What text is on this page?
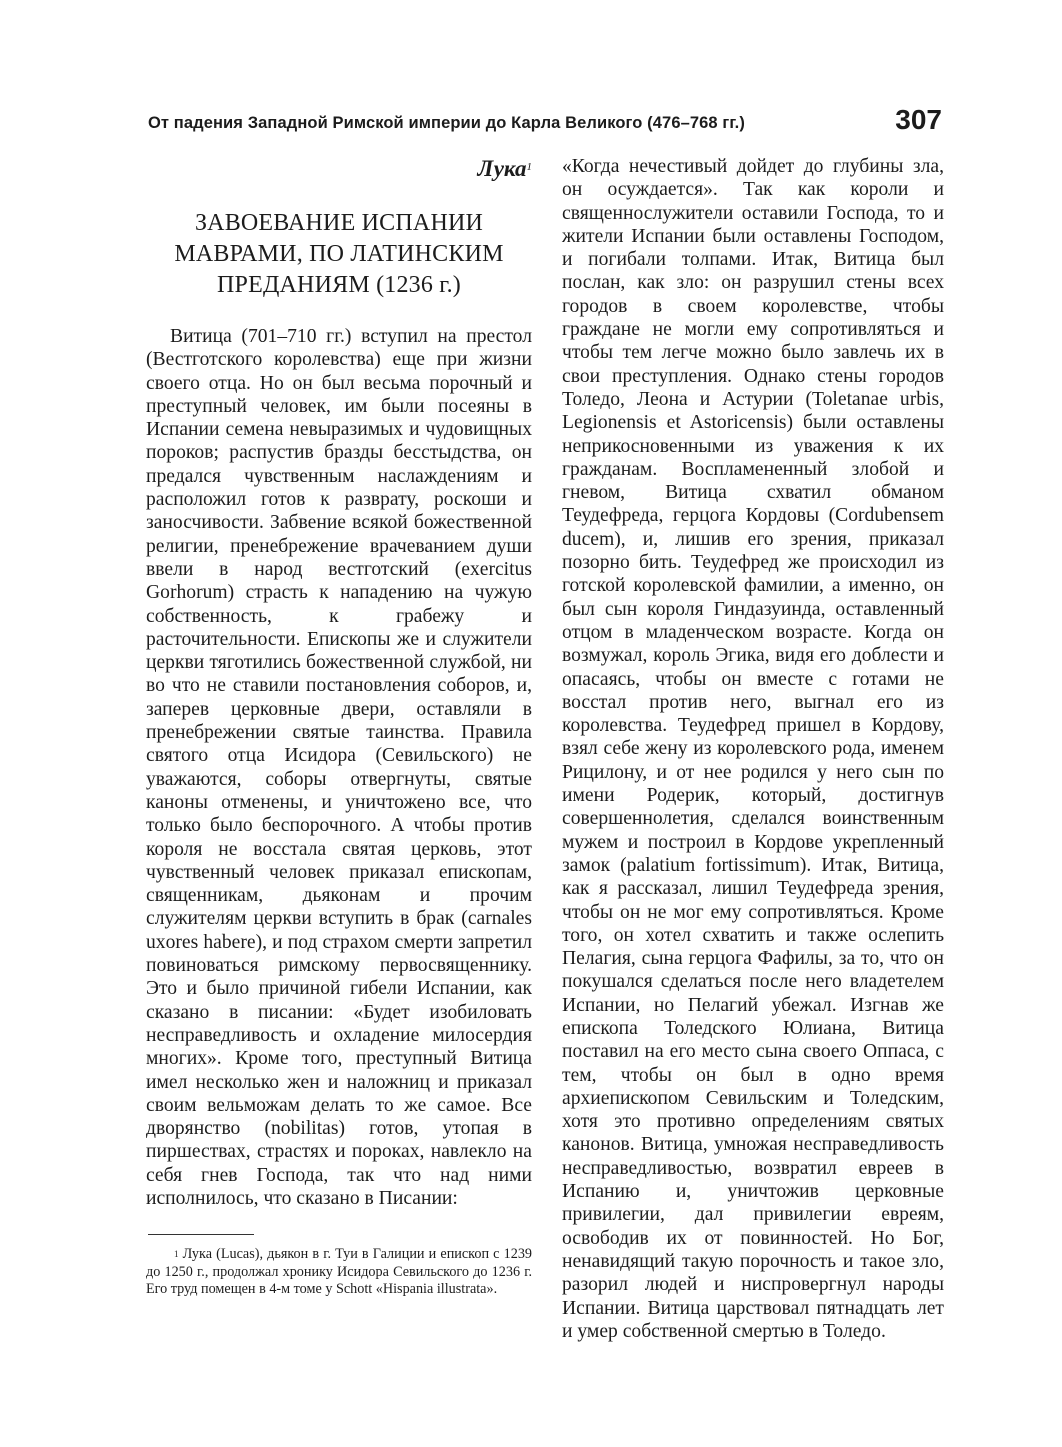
От падения Западной Римской империи до Карла Великого (476–768 гг.)	307
Лука$^1$
ЗАВОЕВАНИЕ ИСПАНИИ МАВРАМИ, ПО ЛАТИНСКИМ ПРЕДАНИЯМ (1236 г.)

Витица (701–710 гг.) вступил на престол (Вестготского королевства) еще при жизни своего отца. Но он был весьма порочный и преступный человек, им были посеяны в Испании семена невыразимых и чудовищных пороков; распустив бразды бесстыдства, он предался чувственным наслаждениям и расположил готов к разврату, роскоши и заносчивости. Забвение всякой божественной религии, пренебрежение врачеванием души ввели в народ вестготский (exercitus Gorhorum) страсть к нападению на чужую собственность, к грабежу и расточительности. Епископы же и служители церкви тяготились божественной службой, ни во что не ставили постановления соборов, и, заперев церковные двери, оставляли в пренебрежении святые таинства. Правила святого отца Исидора (Севильского) не уважаются, соборы отвергнуты, святые каноны отменены, и уничтожено все, что только было беспорочного. А чтобы против короля не восстала святая церковь, этот чувственный человек приказал епископам, священникам, дьяконам и прочим служителям церкви вступить в брак (carnales uxores habere), и под страхом смерти запретил повиноваться римскому первосвященнику. Это и было причиной гибели Испании, как сказано в писании: «Будет изобиловать несправедливость и охладение милосердия многих». Кроме того, преступный Витица имел несколько жен и наложниц и приказал своим вельможам делать то же самое. Все дворянство (nobilitas) готов, утопая в пиршествах, страстях и пороках, навлекло на себя гнев Господа, так что над ними исполнилось, что сказано в Писании:

«Когда нечестивый дойдет до глубины зла, он осуждается». Так как короли и священнослужители оставили Господа, то и жители Испании были оставлены Господом, и погибали толпами. Итак, Витица был послан, как зло: он разрушил стены всех городов в своем королевстве, чтобы граждане не могли ему сопротивляться и чтобы тем легче можно было завлечь их в свои преступления. Однако стены городов Толедо, Леона и Астурии (Toletanae urbis, Legionensis et Astoricensis) были оставлены неприкосновенными из уважения к их гражданам. Воспламененный злобой и гневом, Витица схватил обманом Теудефреда, герцога Кордовы (Cordubensem ducem), и, лишив его зрения, приказал позорно бить. Теудефред же происходил из готской королевской фамилии, а именно, он был сын короля Гиндазуинда, оставленный отцом в младенческом возрасте. Когда он возмужал, король Эгика, видя его доблести и опасаясь, чтобы он вместе с готами не восстал против него, выгнал его из королевства. Теудефред пришел в Кордову, взял себе жену из королевского рода, именем Рицилону, и от нее родился у него сын по имени Родерик, который, достигнув совершеннолетия, сделался воинственным мужем и построил в Кордове укрепленный замок (palatium fortissimum). Итак, Витица, как я рассказал, лишил Теудефреда зрения, чтобы он не мог ему сопротивляться. Кроме того, он хотел схватить и также ослепить Пелагия, сына герцога Фафилы, за то, что он покушался сделаться после него владетелем Испании, но Пелагий убежал. Изгнав же епископа Толедского Юлиана, Витица поставил на его место сына своего Оппаса, с тем, чтобы он был в одно время архиепископом Севильским и Толедским, хотя это противно определениям святых канонов. Витица, умножая несправедливость несправедливостью, возвратил евреев в Испанию и, уничтожив церковные привилегии, дал привилегии евреям, освободив их от повинностей. Но Бог, ненавидящий такую порочность и такое зло, разорил людей и ниспровергнул народы Испании. Витица царствовал пятнадцать лет и умер собственной смертью в Толедо.

$^1$ Лука (Lucas), дьякон в г. Туи в Галиции и епископ с 1239 до 1250 г., продолжал хронику Исидора Севильского до 1236 г. Его труд помещен в 4-м томе у Schott «Hispania illustrata».
